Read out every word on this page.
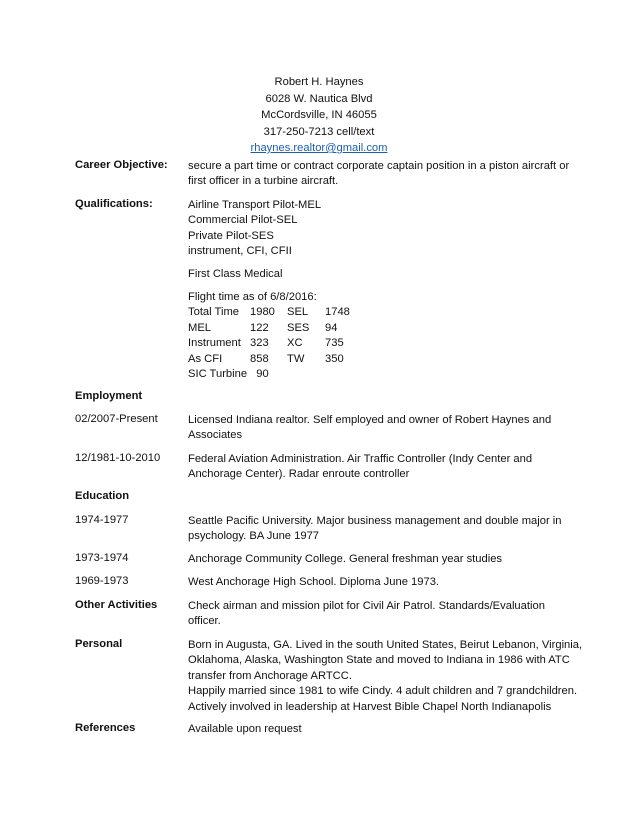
Robert H. Haynes
6028 W. Nautica Blvd
McCordsville, IN 46055
317-250-7213 cell/text
rhaynes.realtor@gmail.com
Career Objective: secure a part time or contract corporate captain position in a piston aircraft or
first officer in a turbine aircraft.
Qualifications:	Airline Transport Pilot-MEL
Commercial Pilot-SEL
Private Pilot-SES
instrument, CFI, CFII
First Class Medical
Flight time as of 6/8/2016:
Total Time	1980	SEL	1748
MEL	122	SES	94
Instrument	323	XC	735
As CFI	858	TW	350
SIC Turbine	90		
Employment
02/2007-Present	Licensed Indiana realtor. Self employed and owner of Robert Haynes and
Associates
12/1981-10-2010 Federal Aviation Administration. Air Traffic Controller (Indy Center and
Anchorage Center). Radar enroute controller
Education
1974-1977	Seattle Pacific University. Major business management and double major in
psychology. BA June 1977
1973-1974	Anchorage Community College. General freshman year studies
1969-1973	West Anchorage High School. Diploma June 1973.
Other Activities	Check airman and mission pilot for Civil Air Patrol. Standards/Evaluation officer.
Personal	Born in Augusta, GA. Lived in the south United States, Beirut Lebanon, Virginia,
Oklahoma, Alaska, Washington State and moved to Indiana in 1986 with ATC
transfer from Anchorage ARTCC.
Happily married since 1981 to wife Cindy. 4 adult children and 7 grandchildren.
Actively involved in leadership at Harvest Bible Chapel North Indianapolis
References	Available upon request
